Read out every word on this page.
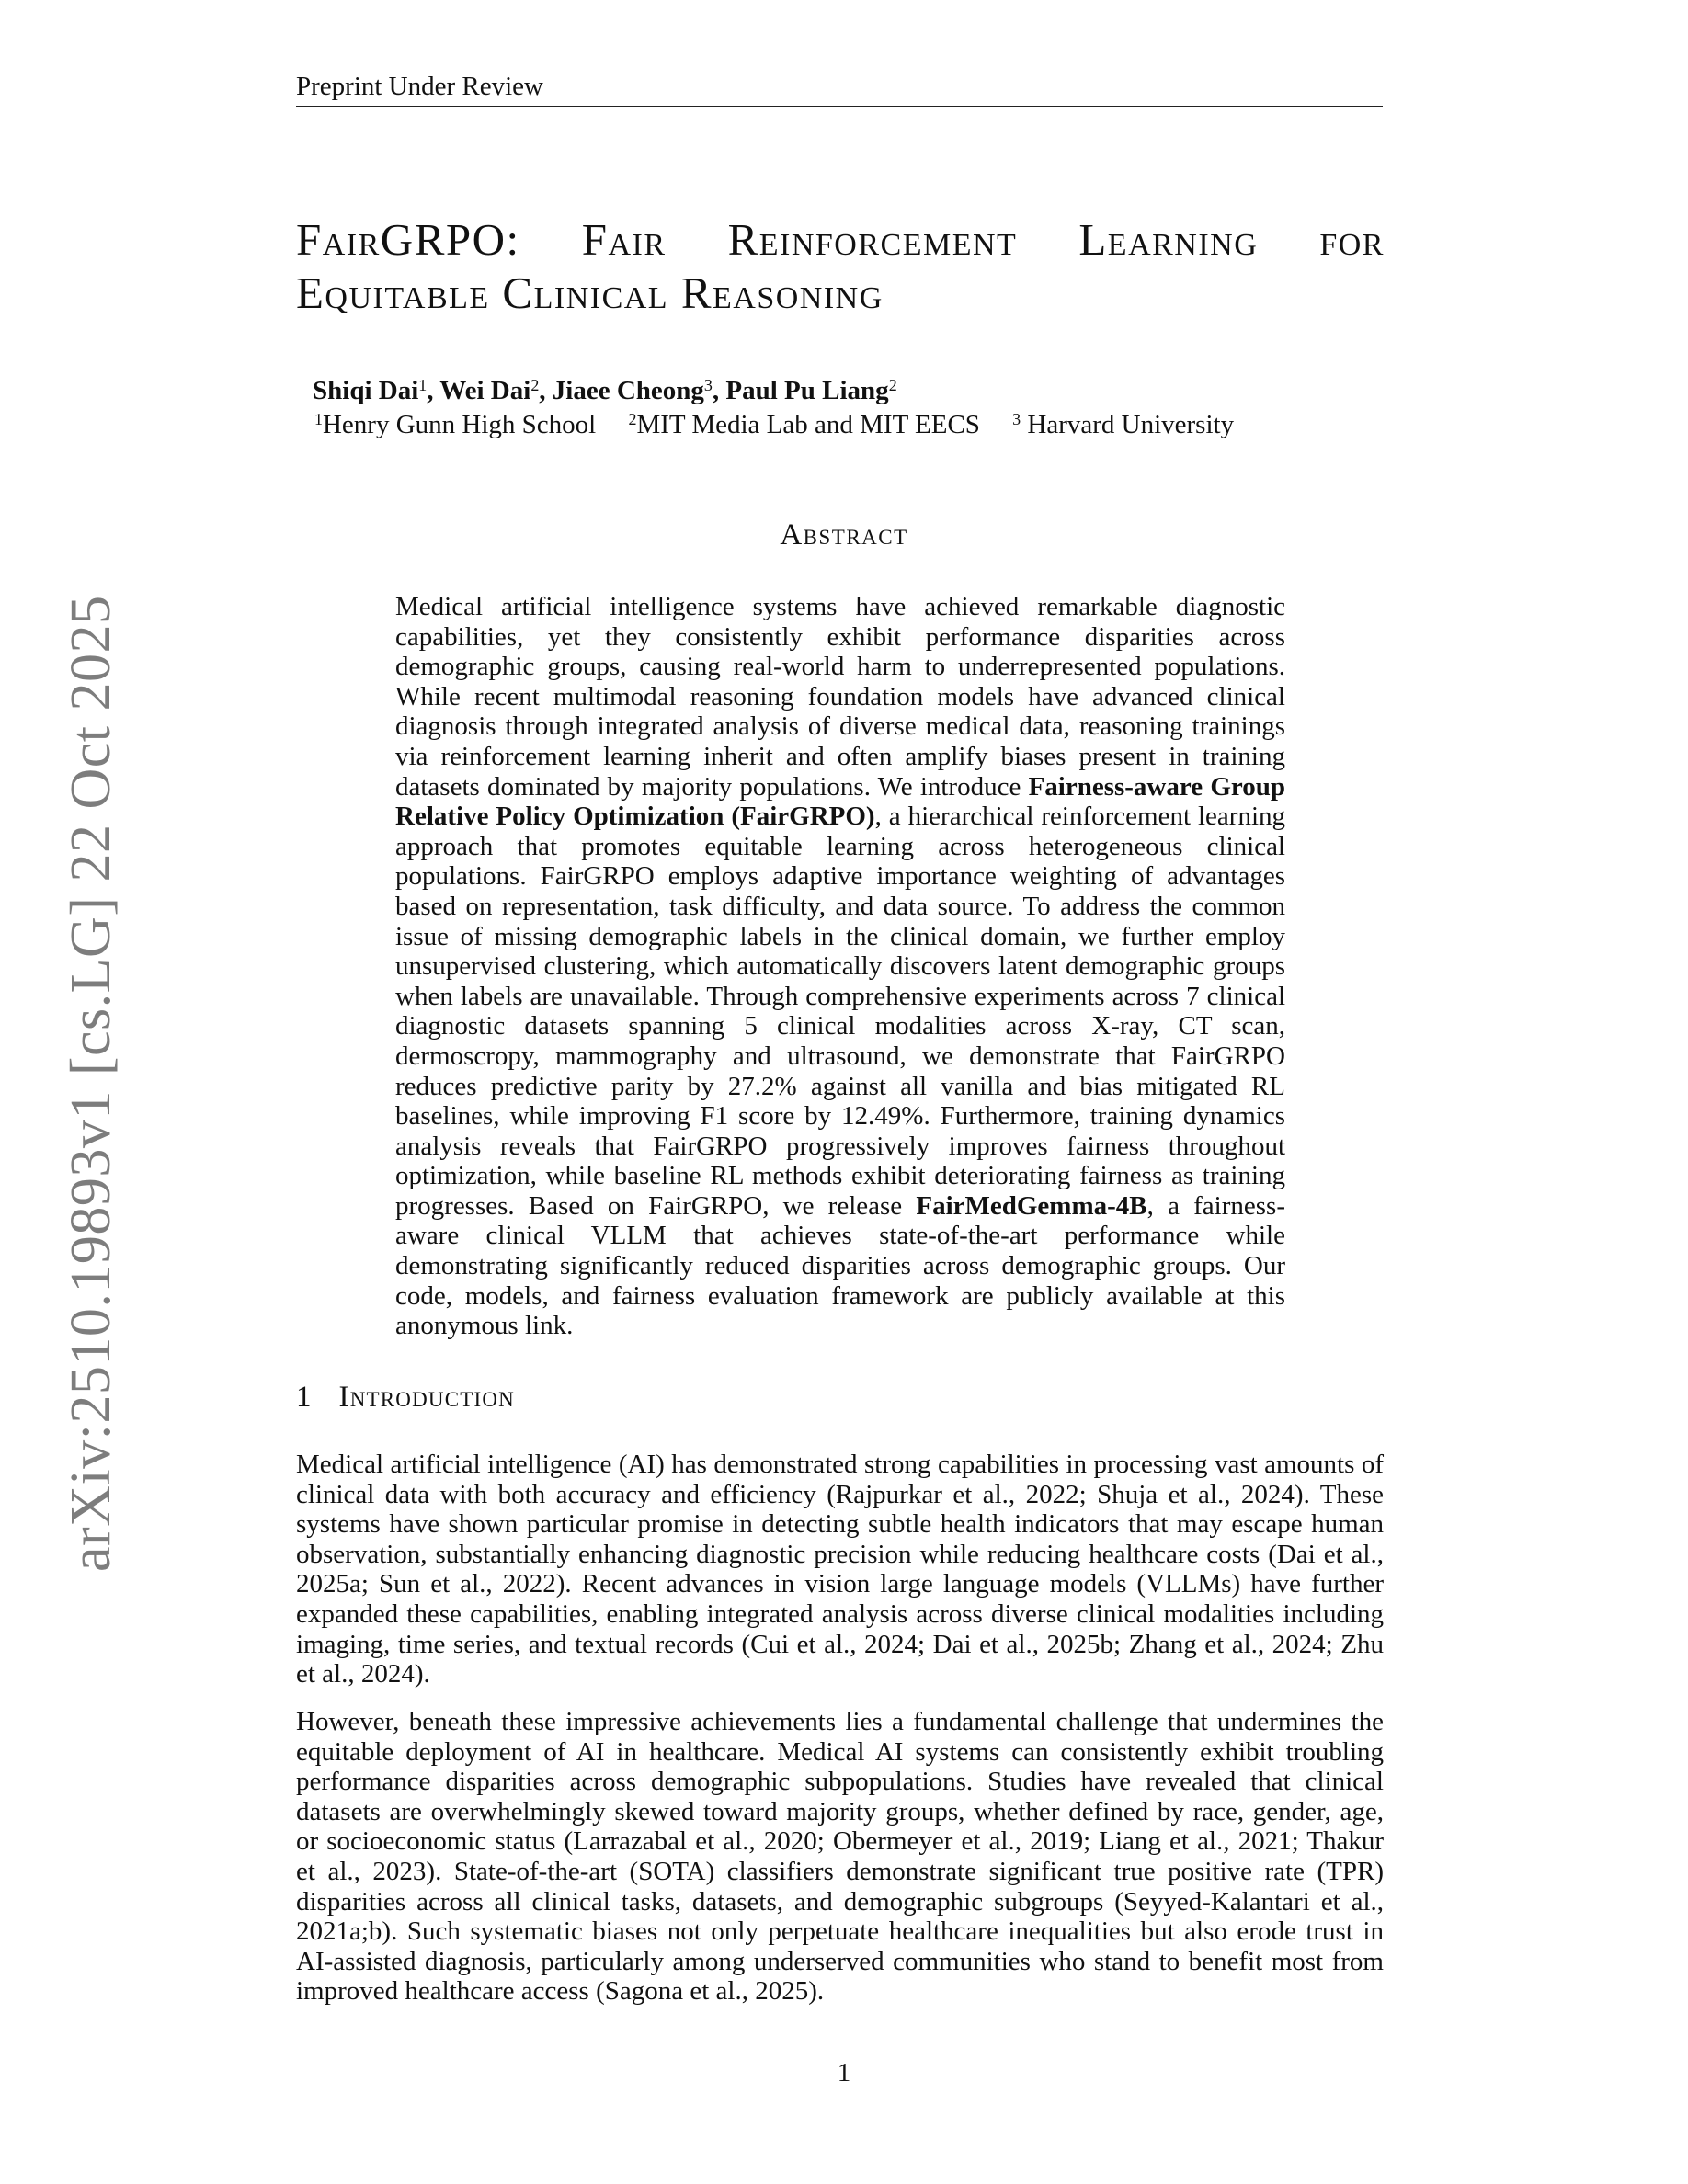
Preprint Under Review
arXiv:2510.19893v1 [cs.LG] 22 Oct 2025
FairGRPO: Fair Reinforcement Learning for
Equitable Clinical Reasoning
Shiqi Dai$^1$, Wei Dai$^2$, Jiaee Cheong$^3$, Paul Pu Liang$^2$
$^1$Henry Gunn High School $^2$MIT Media Lab and MIT EECS $^3$ Harvard University
Abstract

Medical artificial intelligence systems have achieved remarkable diagnostic capabilities, yet they consistently exhibit performance disparities across demographic groups, causing real-world harm to underrepresented populations. While recent multimodal reasoning foundation models have advanced clinical diagnosis through integrated analysis of diverse medical data, reasoning trainings via reinforcement learning inherit and often amplify biases present in training datasets dominated by majority populations. We introduce Fairness-aware Group Relative Policy Optimization (FairGRPO), a hierarchical reinforcement learning approach that promotes equitable learning across heterogeneous clinical populations. FairGRPO employs adaptive importance weighting of advantages based on representation, task difficulty, and data source. To address the common issue of missing demographic labels in the clinical domain, we further employ unsupervised clustering, which automatically discovers latent demographic groups when labels are unavailable. Through comprehensive experiments across 7 clinical diagnostic datasets spanning 5 clinical modalities across X-ray, CT scan, dermoscropy, mammography and ultrasound, we demonstrate that FairGRPO reduces predictive parity by 27.2% against all vanilla and bias mitigated RL baselines, while improving F1 score by 12.49%. Furthermore, training dynamics analysis reveals that FairGRPO progressively improves fairness throughout optimization, while baseline RL methods exhibit deteriorating fairness as training progresses. Based on FairGRPO, we release FairMedGemma-4B, a fairness-aware clinical VLLM that achieves state-of-the-art performance while demonstrating significantly reduced disparities across demographic groups. Our code, models, and fairness evaluation framework are publicly available at this anonymous link.

1 Introduction

Medical artificial intelligence (AI) has demonstrated strong capabilities in processing vast amounts of clinical data with both accuracy and efficiency (Rajpurkar et al., 2022; Shuja et al., 2024). These systems have shown particular promise in detecting subtle health indicators that may escape human observation, substantially enhancing diagnostic precision while reducing healthcare costs (Dai et al., 2025a; Sun et al., 2022). Recent advances in vision large language models (VLLMs) have further expanded these capabilities, enabling integrated analysis across diverse clinical modalities including imaging, time series, and textual records (Cui et al., 2024; Dai et al., 2025b; Zhang et al., 2024; Zhu et al., 2024).

However, beneath these impressive achievements lies a fundamental challenge that undermines the equitable deployment of AI in healthcare. Medical AI systems can consistently exhibit troubling performance disparities across demographic subpopulations. Studies have revealed that clinical datasets are overwhelmingly skewed toward majority groups, whether defined by race, gender, age, or socioeconomic status (Larrazabal et al., 2020; Obermeyer et al., 2019; Liang et al., 2021; Thakur et al., 2023). State-of-the-art (SOTA) classifiers demonstrate significant true positive rate (TPR) disparities across all clinical tasks, datasets, and demographic subgroups (Seyyed-Kalantari et al., 2021a;b). Such systematic biases not only perpetuate healthcare inequalities but also erode trust in AI-assisted diagnosis, particularly among underserved communities who stand to benefit most from improved healthcare access (Sagona et al., 2025).

1
